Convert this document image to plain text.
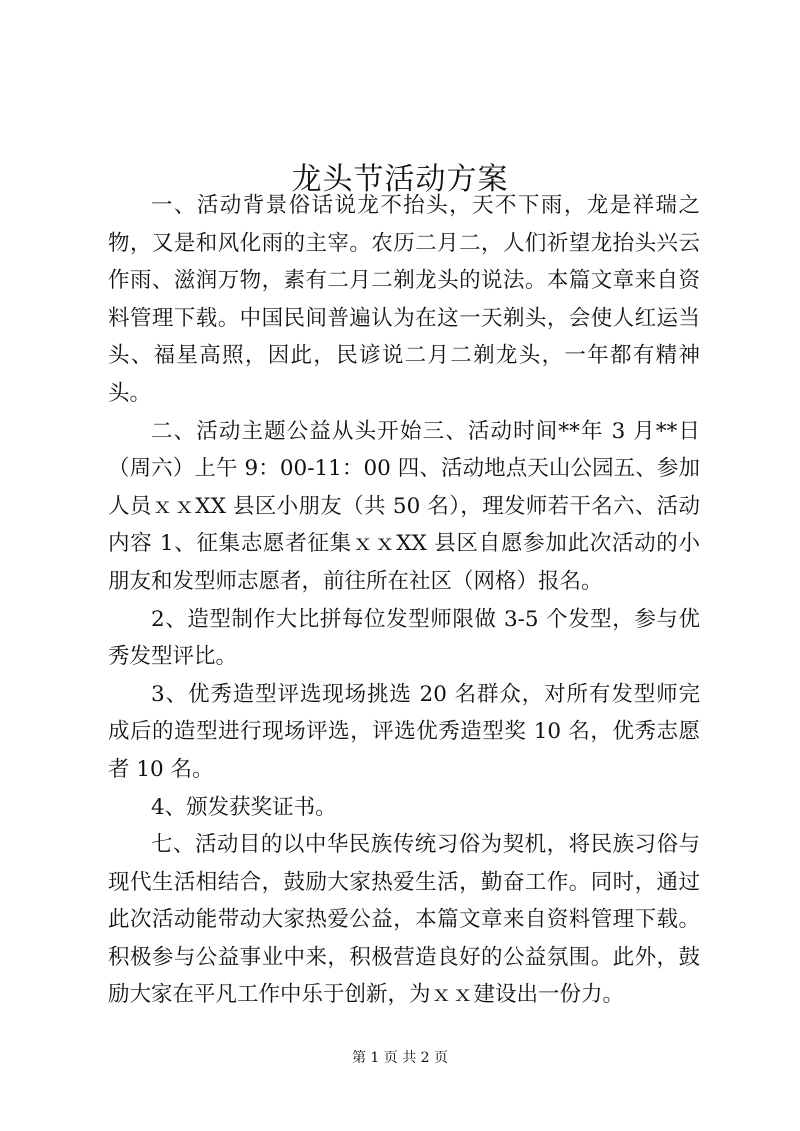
龙头节活动方案

一、活动背景俗话说龙不抬头，天不下雨，龙是祥瑞之物，又是和风化雨的主宰。农历二月二，人们祈望龙抬头兴云作雨、滋润万物，素有二月二剃龙头的说法。本篇文章来自资料管理下载。中国民间普遍认为在这一天剃头，会使人红运当头、福星高照，因此，民谚说二月二剃龙头，一年都有精神头。

二、活动主题公益从头开始三、活动时间**年 3 月**日（周六）上午 9：00-11：00 四、活动地点天山公园五、参加人员ｘｘXX 县区小朋友（共 50 名），理发师若干名六、活动内容 1、征集志愿者征集ｘｘXX 县区自愿参加此次活动的小朋友和发型师志愿者，前往所在社区（网格）报名。

2、造型制作大比拼每位发型师限做 3-5 个发型，参与优秀发型评比。

3、优秀造型评选现场挑选 20 名群众，对所有发型师完成后的造型进行现场评选，评选优秀造型奖 10 名，优秀志愿者 10 名。

4、颁发获奖证书。

七、活动目的以中华民族传统习俗为契机，将民族习俗与现代生活相结合，鼓励大家热爱生活，勤奋工作。同时，通过此次活动能带动大家热爱公益，本篇文章来自资料管理下载。积极参与公益事业中来，积极营造良好的公益氛围。此外，鼓励大家在平凡工作中乐于创新，为ｘｘ建设出一份力。

第 1 页 共 2 页
